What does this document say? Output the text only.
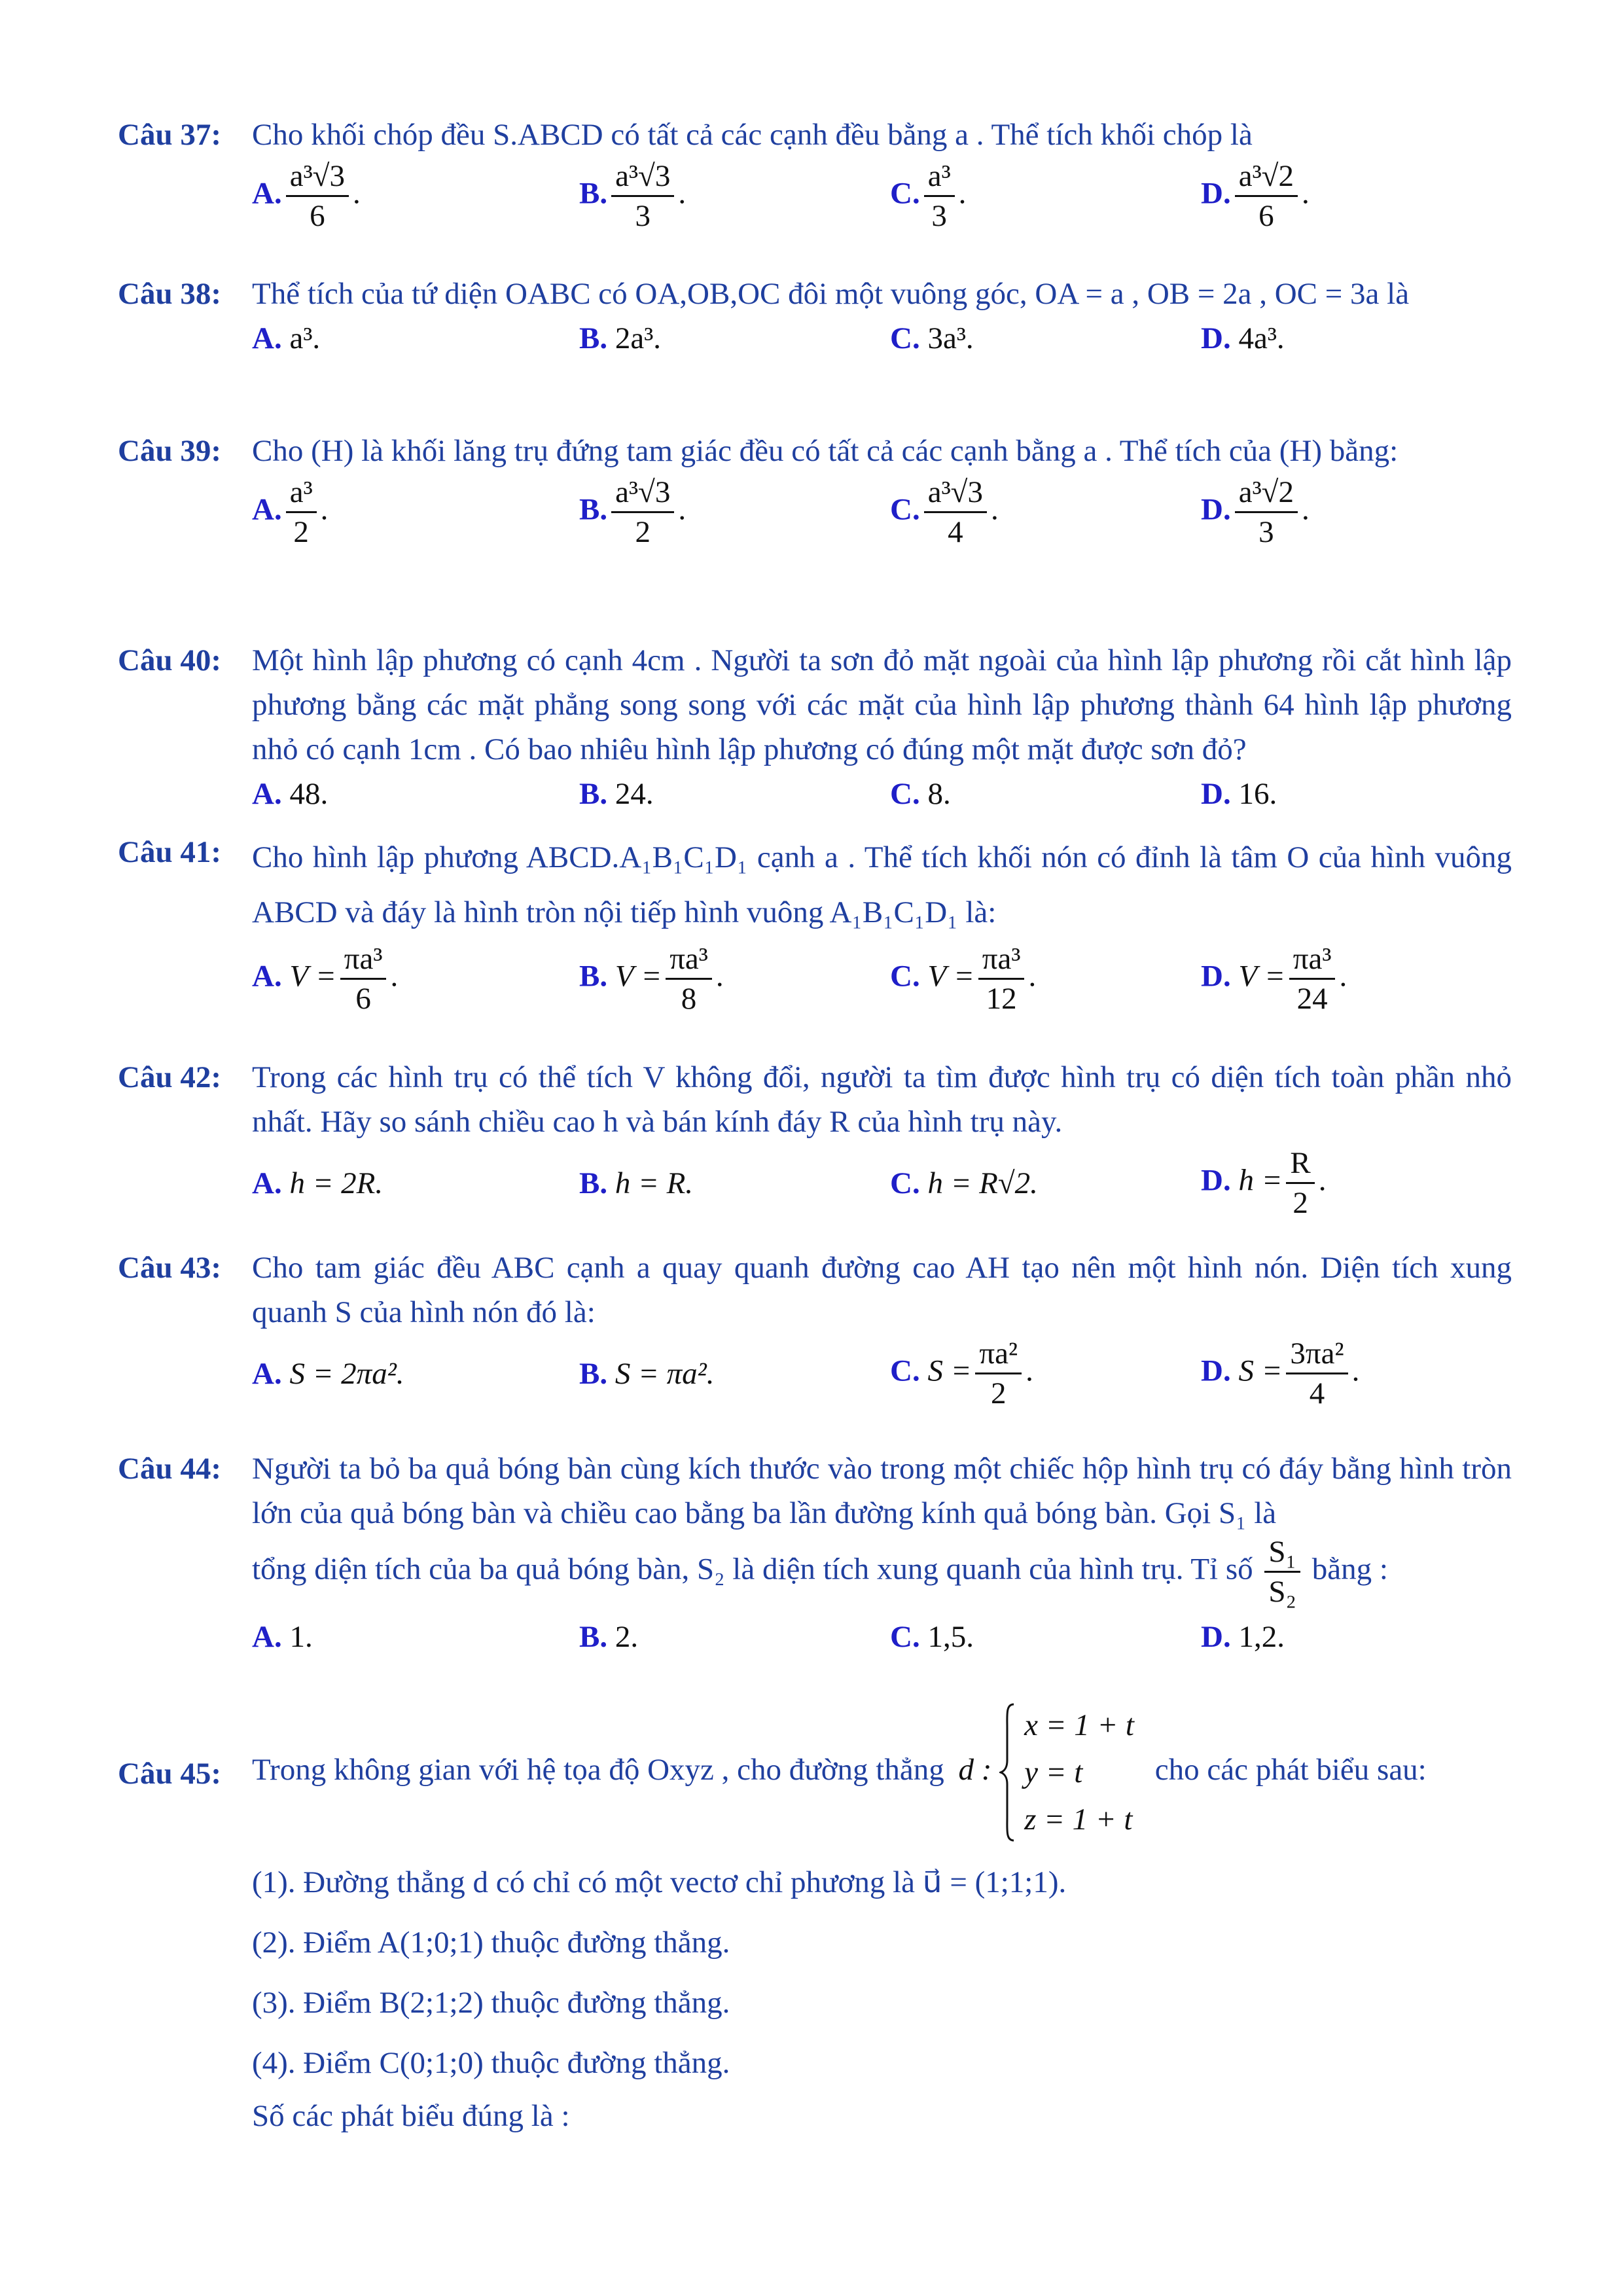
Câu 37: Cho khối chóp đều S.ABCD có tất cả các cạnh đều bằng a . Thể tích khối chóp là
A. $\frac{\text{a³√3}}{6}$ .	B. $\frac{\text{a³√3}}{3}$ .	C. $\frac{\text{a³}}{3}$ .	D. $\frac{\text{a³√2}}{6}$ .
Câu 38: Thể tích của tứ diện OABC có OA,OB,OC đôi một vuông góc, OA = a , OB = 2a , OC = 3a là
A. a³.	B. 2a³.	C. 3a³.	D. 4a³.
Câu 39: Cho (H) là khối lăng trụ đứng tam giác đều có tất cả các cạnh bằng a . Thể tích của (H) bằng:
A. $\frac{\text{a³}}{2}$ .	B. $\frac{\text{a³√3}}{2}$ .	C. $\frac{\text{a³√3}}{4}$ .	D. $\frac{\text{a³√2}}{3}$ .
Câu 40: Một hình lập phương có cạnh 4cm . Người ta sơn đỏ mặt ngoài của hình lập phương rồi cắt hình lập phương bằng các mặt phẳng song song với các mặt của hình lập phương thành 64 hình lập phương nhỏ có cạnh 1cm . Có bao nhiêu hình lập phương có đúng một mặt được sơn đỏ?
A. 48.	B. 24.	C. 8.	D. 16.
Câu 41: Cho hình lập phương ABCD.A₁B₁C₁D₁ cạnh a . Thể tích khối nón có đỉnh là tâm O của hình vuông ABCD và đáy là hình tròn nội tiếp hình vuông A₁B₁C₁D₁ là:
A. $V = \frac{\text{πa³}}{6}$ .	B. $V = \frac{\text{πa³}}{8}$ .	C. $V = \frac{\text{πa³}}{12}$ .	D. $V = \frac{\text{πa³}}{24}$ .
Câu 42: Trong các hình trụ có thể tích V không đổi, người ta tìm được hình trụ có diện tích toàn phần nhỏ nhất. Hãy so sánh chiều cao h và bán kính đáy R của hình trụ này.
A. h = 2R.	B. h = R.	C. h = R√2.	D. $h = \frac{R}{2}$ .
Câu 43: Cho tam giác đều ABC cạnh a quay quanh đường cao AH tạo nên một hình nón. Diện tích xung quanh S của hình nón đó là:
A. S = 2πa².	B. S = πa².	C. $S = \frac{\text{πa²}}{2}$ .	D. $S = \frac{\text{3πa²}}{4}$ .
Câu 44: Người ta bỏ ba quả bóng bàn cùng kích thước vào trong một chiếc hộp hình trụ có đáy bằng hình tròn lớn của quả bóng bàn và chiều cao bằng ba lần đường kính quả bóng bàn. Gọi S₁ là
tổng diện tích của ba quả bóng bàn, S₂ là diện tích xung quanh của hình trụ. Tỉ số $\frac{\text{S₁}}{\text{S₂}}$ bằng :
A. 1.	B. 2.	C. 1,5.	D. 1,2.
Câu 45: Trong không gian với hệ tọa độ Oxyz , cho đường thẳng d :
x = 1 + t
y = t
z = 1 + t
cho các phát biểu sau:
(1). Đường thẳng d có chỉ có một vectơ chỉ phương là u⃗ = (1;1;1).
(2). Điểm A(1;0;1) thuộc đường thẳng.
(3). Điểm B(2;1;2) thuộc đường thẳng.
(4). Điểm C(0;1;0) thuộc đường thẳng.
Số các phát biểu đúng là :
